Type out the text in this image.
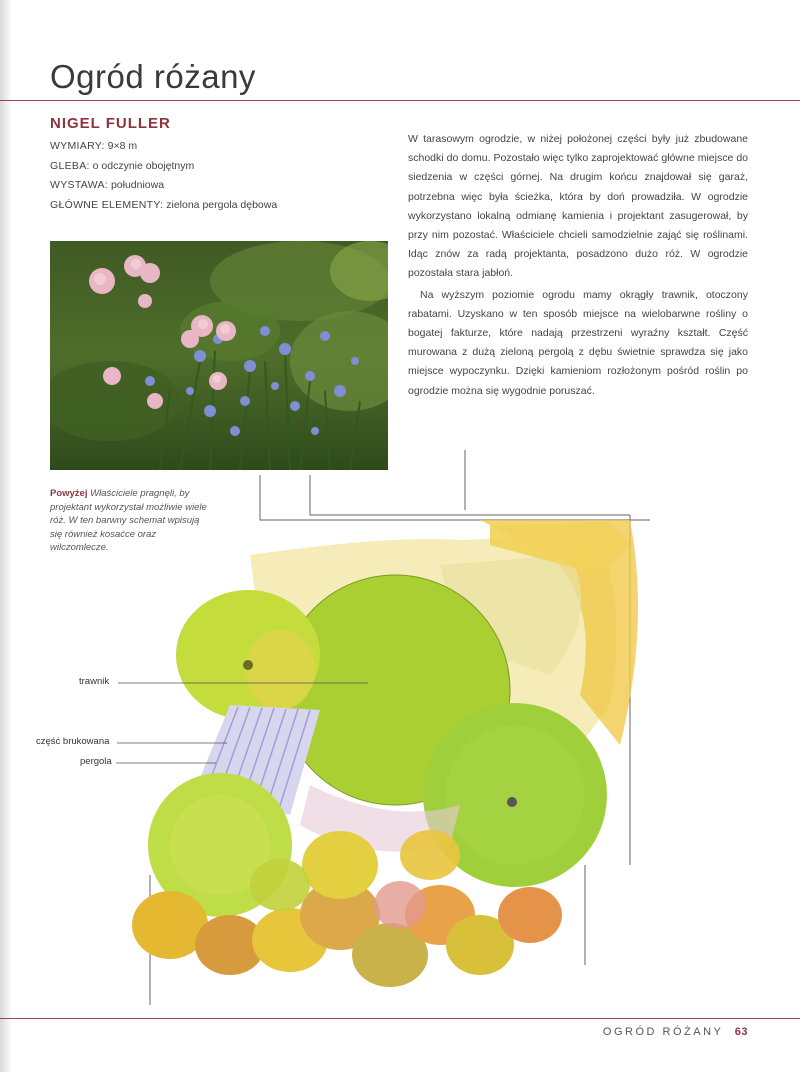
Ogród różany
NIGEL FULLER
WYMIARY: 9×8 m
GLEBA: o odczynie obojętnym
WYSTAWA: południowa
GŁÓWNE ELEMENTY: zielona pergola dębowa
Powyżej Właściciele pragnęli, by projektant wykorzystał możliwie wiele róż. W ten barwny schemat wpisują się również kosaćce oraz wilczomlecze.

W tarasowym ogrodzie, w niżej położonej części były już zbudowane schodki do domu. Pozostało więc tylko zaprojektować główne miejsce do siedzenia w części górnej. Na drugim końcu znajdował się garaż, potrzebna więc była ścieżka, która by doń prowadziła. W ogrodzie wykorzystano lokalną odmianę kamienia i projektant zasugerował, by przy nim pozostać. Właściciele chcieli samodzielnie zająć się roślinami. Idąc znów za radą projektanta, posadzono dużo róż. W ogrodzie pozostała stara jabłoń.

Na wyższym poziomie ogrodu mamy okrągły trawnik, otoczony rabatami. Uzyskano w ten sposób miejsce na wielobarwne rośliny o bogatej fakturze, które nadają przestrzeni wyraźny kształt. Część murowana z dużą zieloną pergolą z dębu świetnie sprawdza się jako miejsce wypoczynku. Dzięki kamieniom rozłożonym pośród roślin po ogrodzie można się wygodnie poruszać.

trawnik
część brukowana
pergola
OGRÓD RÓŻANY 63
